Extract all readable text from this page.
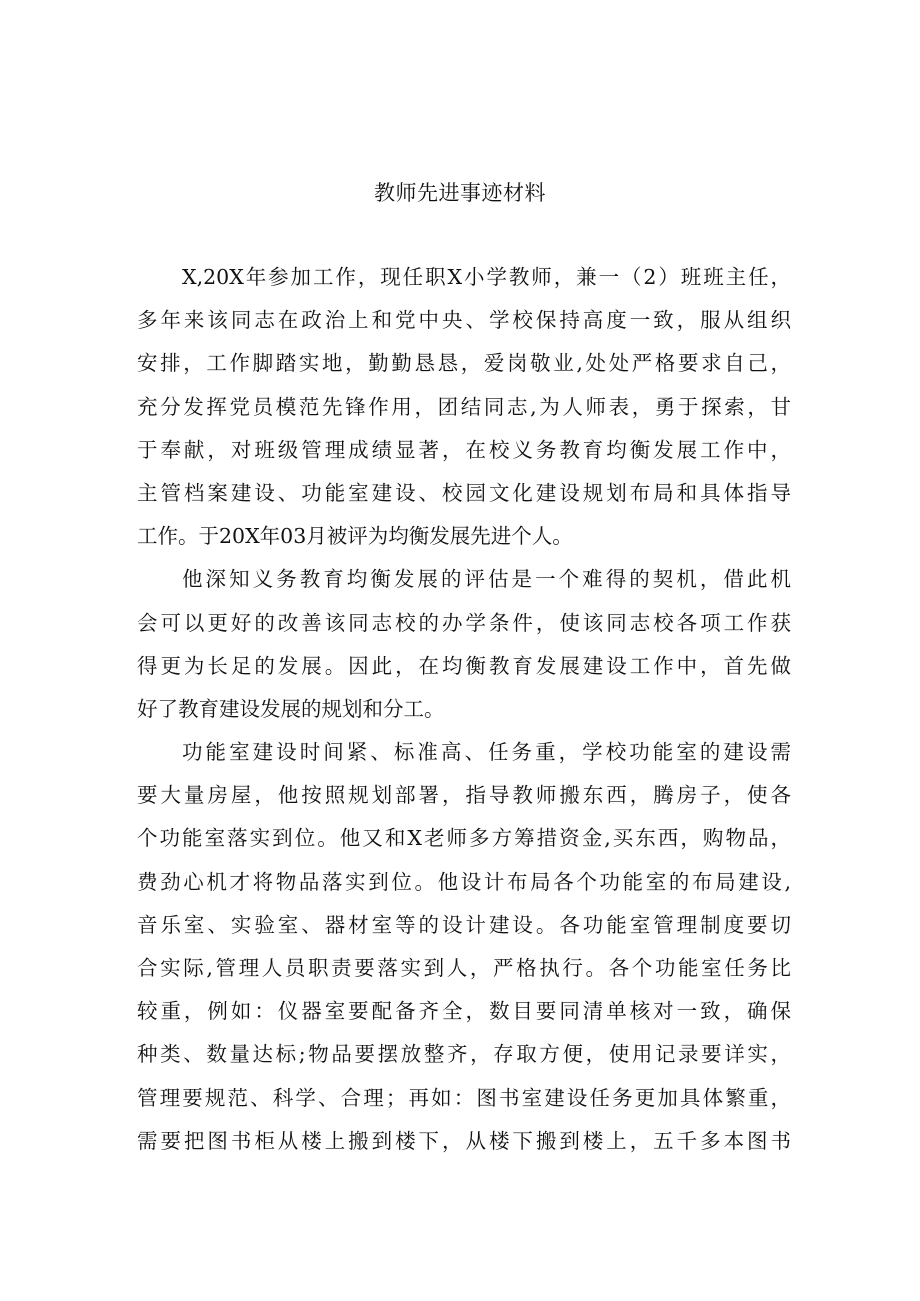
教师先进事迹材料
X,20X年参加工作，现任职X小学教师，兼一（2）班班主任，
多年来该同志在政治上和党中央、学校保持高度一致，服从组织
安排，工作脚踏实地，勤勤恳恳，爱岗敬业,处处严格要求自己，
充分发挥党员模范先锋作用，团结同志,为人师表，勇于探索，甘
于奉献，对班级管理成绩显著，在校义务教育均衡发展工作中，
主管档案建设、功能室建设、校园文化建设规划布局和具体指导
工作。于20X年03月被评为均衡发展先进个人。
他深知义务教育均衡发展的评估是一个难得的契机，借此机
会可以更好的改善该同志校的办学条件，使该同志校各项工作获
得更为长足的发展。因此，在均衡教育发展建设工作中，首先做
好了教育建设发展的规划和分工。
功能室建设时间紧、标准高、任务重，学校功能室的建设需
要大量房屋，他按照规划部署，指导教师搬东西，腾房子，使各
个功能室落实到位。他又和X老师多方筹措资金,买东西，购物品，
费劲心机才将物品落实到位。他设计布局各个功能室的布局建设,
音乐室、实验室、器材室等的设计建设。各功能室管理制度要切
合实际,管理人员职责要落实到人，严格执行。各个功能室任务比
较重，例如：仪器室要配备齐全，数目要同清单核对一致，确保
种类、数量达标;物品要摆放整齐，存取方便，使用记录要详实，
管理要规范、科学、合理；再如：图书室建设任务更加具体繁重，
需要把图书柜从楼上搬到楼下，从楼下搬到楼上，五千多本图书
